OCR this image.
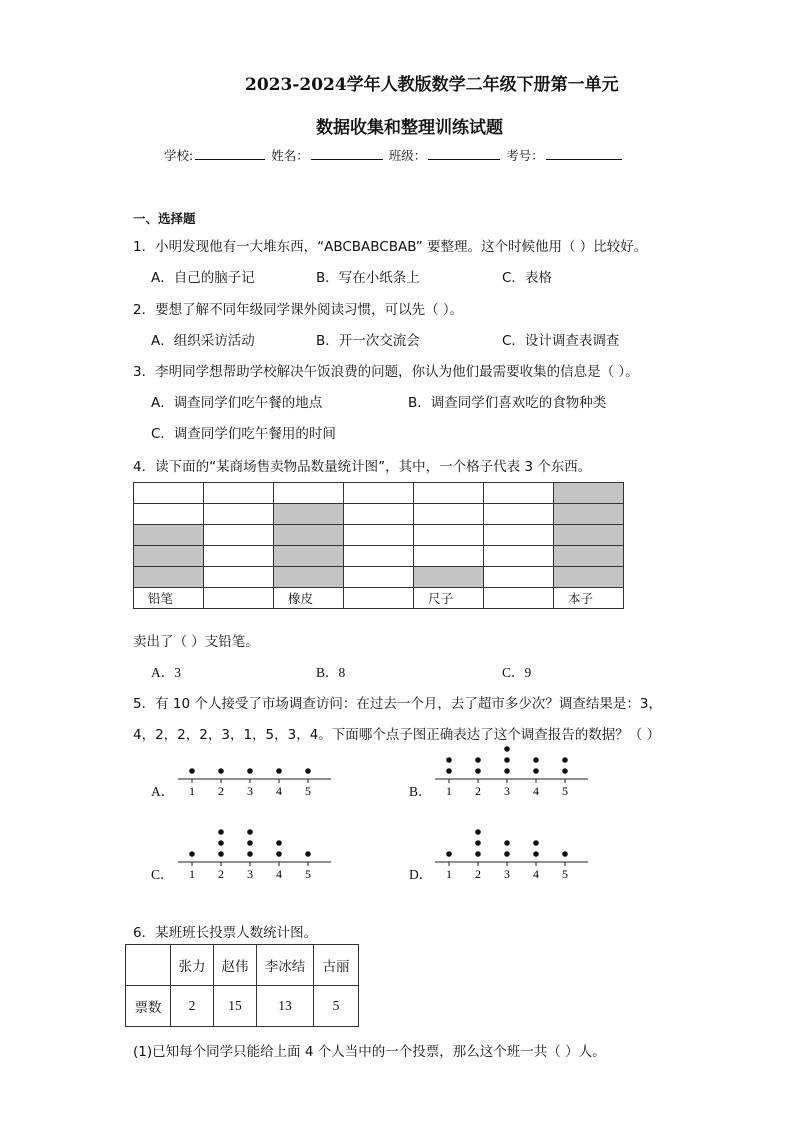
2023-2024学年人教版数学二年级下册第一单元
数据收集和整理训练试题
学校:	姓名：	班级：	考号：
一、选择题
1．小明发现他有一大堆东西，“ABCBABCBAB” 要整理。这个时候他用（ ）比较好。
A．自己的脑子记	B．写在小纸条上	C．表格
2．要想了解不同年级同学课外阅读习惯，可以先（ ）。
A．组织采访活动	B．开一次交流会	C．设计调查表调查
3．李明同学想帮助学校解决午饭浪费的问题，你认为他们最需要收集的信息是（ ）。
A．调查同学们吃午餐的地点	B．调查同学们喜欢吃的食物种类
C．调查同学们吃午餐用的时间
4．读下面的“某商场售卖物品数量统计图”，其中，一个格子代表 3 个东西。

铅笔		橡皮		尺子		本子
卖出了（ ）支铅笔。
A．3	B．8	C．9
5．有 10 个人接受了市场调查访问：在过去一个月，去了超市多少次？调查结果是：3，
4，2，2，2，3，1，5，3，4。下面哪个点子图正确表达了这个调查报告的数据？（ ）
A．	B．
C．	D．
1 2 3 4 5	1 2 3 4 5
1 2 3 4 5	1 2 3 4 5
6．某班班长投票人数统计图。
	张力	赵伟	李冰结	古丽
票数	2	15	13	5
(1)已知每个同学只能给上面 4 个人当中的一个投票，那么这个班一共（ ）人。
